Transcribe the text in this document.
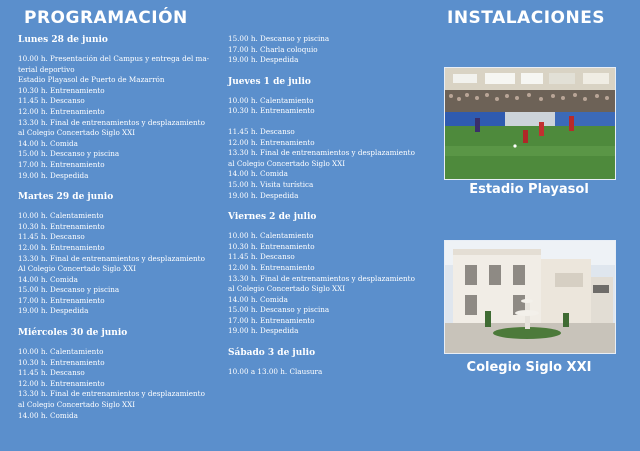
PROGRAMACIÓN	INSTALACIONES
Lunes 28 de junio
10.00 h. Presentación del Campus y entrega del ma-
terial deportivo
Estadio Playasol de Puerto de Mazarrón
10.30 h. Entrenamiento
11.45 h. Descanso
12.00 h. Entrenamiento
13.30 h. Final de entrenamientos y desplazamiento
al Colegio Concertado Siglo XXI
14.00 h. Comida
15.00 h. Descanso y piscina
17.00 h. Entrenamiento
19.00 h. Despedida
Martes 29 de junio
10.00 h. Calentamiento
10.30 h. Entrenamiento
11.45 h. Descanso
12.00 h. Entrenamiento
13.30 h. Final de entrenamientos y desplazamiento
Al Colegio Concertado Siglo XXI
14.00 h. Comida
15.00 h. Descanso y piscina
17.00 h. Entrenamiento
19.00 h. Despedida
Miércoles 30 de junio
10.00 h. Calentamiento
10.30 h. Entrenamiento
11.45 h. Descanso
12.00 h. Entrenamiento
13.30 h. Final de entrenamientos y desplazamiento
al Colegio Concertado Siglo XXI
14.00 h. Comida
15.00 h. Descanso y piscina
17.00 h. Charla coloquio
19.00 h. Despedida
Jueves 1 de julio
10.00 h. Calentamiento
10.30 h. Entrenamiento
11.45 h. Descanso
12.00 h. Entrenamiento
13.30 h. Final de entrenamientos y desplazamiento
al Colegio Concertado Siglo XXI
14.00 h. Comida
15.00 h. Visita turística
19.00 h. Despedida
Viernes 2 de julio
10.00 h. Calentamiento
10.30 h. Entrenamiento
11.45 h. Descanso
12.00 h. Entrenamiento
13.30 h. Final de entrenamientos y desplazamiento
al Colegio Concertado Siglo XXI
14.00 h. Comida
15.00 h. Descanso y piscina
17.00 h. Entrenamiento
19.00 h. Despedida
Sábado 3 de julio
10.00 a 13.00 h. Clausura
Estadio Playasol
Colegio Siglo XXI
